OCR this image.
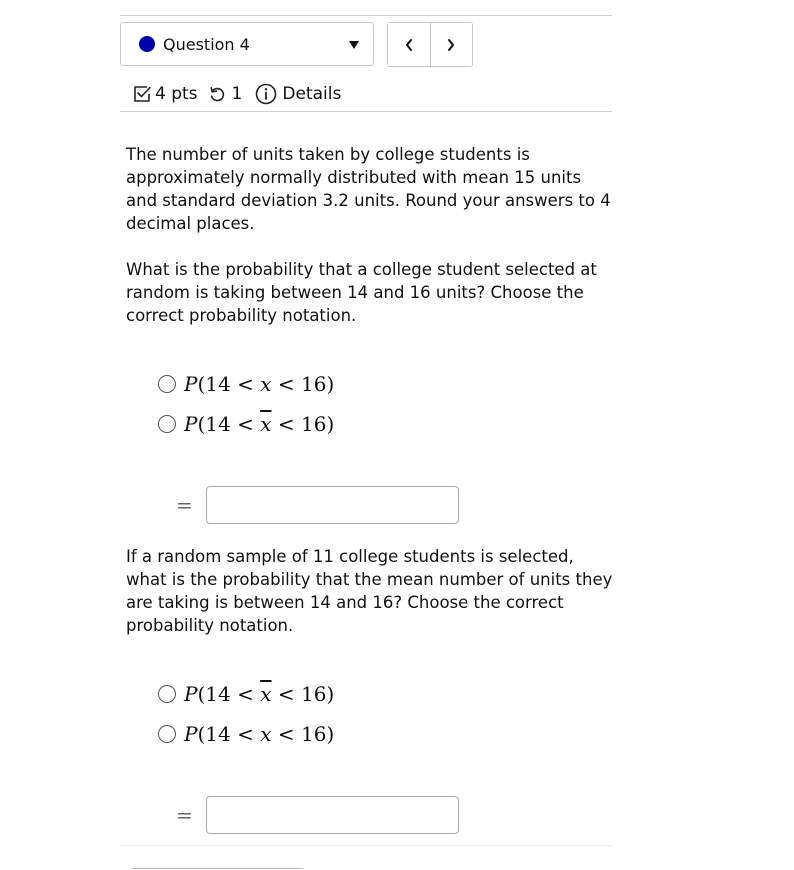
Question 4
4 pts 1 Details

The number of units taken by college students is approximately normally distributed with mean 15 units and standard deviation 3.2 units. Round your answers to 4 decimal places.

What is the probability that a college student selected at random is taking between 14 and 16 units? Choose the correct probability notation.

P(14 < x < 16)
$P(14 < \overline{x} < 16)$
=

If a random sample of 11 college students is selected, what is the probability that the mean number of units they are taking is between 14 and 16? Choose the correct probability notation.

$P(14 < \overline{x} < 16)$
P(14 < x < 16)
=
